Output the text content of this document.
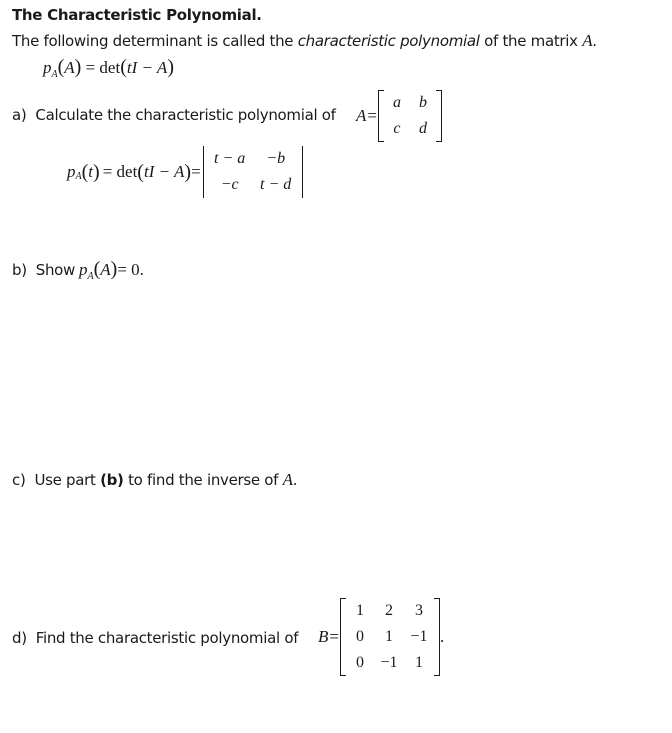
The Characteristic Polynomial.
The following determinant is called the characteristic polynomial of the matrix A.
$p_A(A) = \det(tI - A)$
a) Calculate the characteristic polynomial of A =
a	b
c	d
p A ( t ) = det ( tI − A ) =
t − a	−b
−c	t − d
b)
Show $p_A(A)= 0$.
c) Use part (b) to find the inverse of A.
d) Find the characteristic polynomial of B =
1	2	3
0	1	−1
0	−1	1
.
